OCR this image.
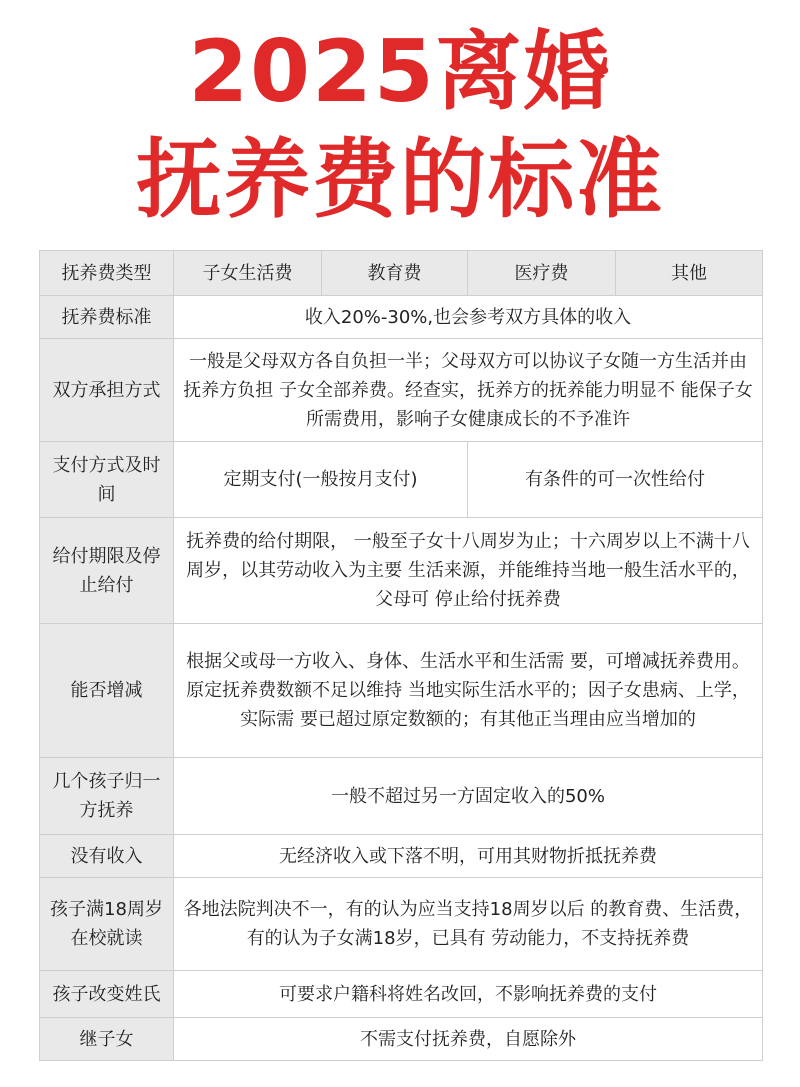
2025离婚
抚养费的标准
抚养费类型	子女生活费	教育费	医疗费	其他
抚养费标准	收入20%-30%,也会参考双方具体的收入			
双方承担方式	一般是父母双方各自负担一半；父母双方可以协议子女随一方生活并由抚养方负担 子女全部养费。经查实，抚养方的抚养能力明显不 能保子女所需费用，影响子女健康成长的不予准许			
支付方式及时间	定期支付(一般按月支付)		有条件的可一次性给付	
给付期限及停止给付	抚养费的给付期限， 一般至子女十八周岁为止；十六周岁以上不满十八周岁，以其劳动收入为主要 生活来源，并能维持当地一般生活水平的，父母可 停止给付抚养费			
能否增减	根据父或母一方收入、身体、生活水平和生活需 要，可增减抚养费用。原定抚养费数额不足以维持 当地实际生活水平的；因子女患病、上学，实际需 要已超过原定数额的；有其他正当理由应当增加的			
几个孩子归一方抚养	一般不超过另一方固定收入的50%			
没有收入	无经济收入或下落不明，可用其财物折抵抚养费			
孩子满18周岁在校就读	各地法院判决不一，有的认为应当支持18周岁以后 的教育费、生活费，有的认为子女满18岁，已具有 劳动能力，不支持抚养费			
孩子改变姓氏	可要求户籍科将姓名改回，不影响抚养费的支付			
继子女	不需支付抚养费，自愿除外			
